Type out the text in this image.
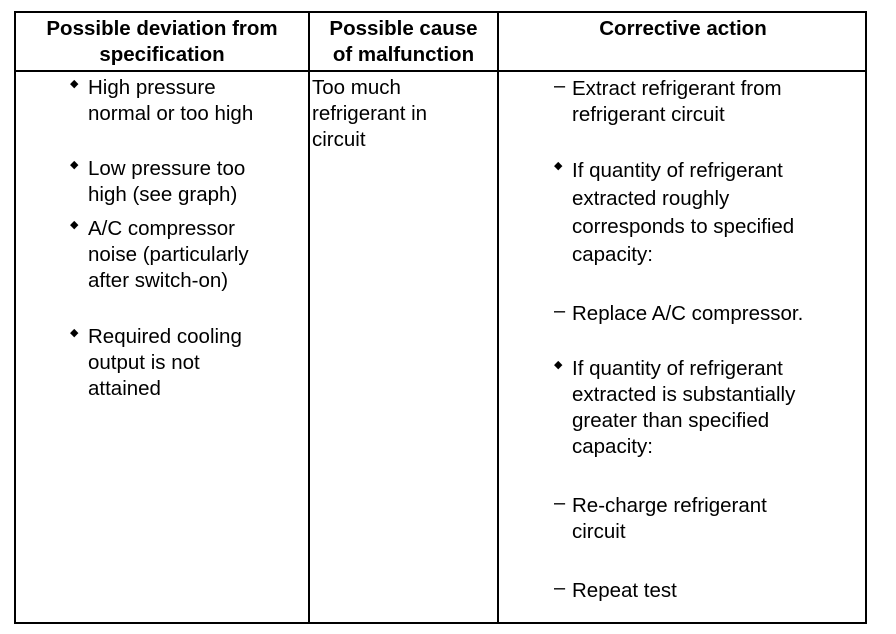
Possible deviation from
specification
Possible cause
of malfunction
Corrective action
◆ High pressure
normal or too high
◆ Low pressure too
high (see graph)
◆ A/C compressor
noise (particularly
after switch-on)
◆ Required cooling
output is not
attained
Too much
refrigerant in
circuit
– Extract refrigerant from
refrigerant circuit
◆ If quantity of refrigerant
extracted roughly
corresponds to specified
capacity:
– Replace A/C compressor.
◆ If quantity of refrigerant
extracted is substantially
greater than specified
capacity:
– Re-charge refrigerant
circuit
– Repeat test
